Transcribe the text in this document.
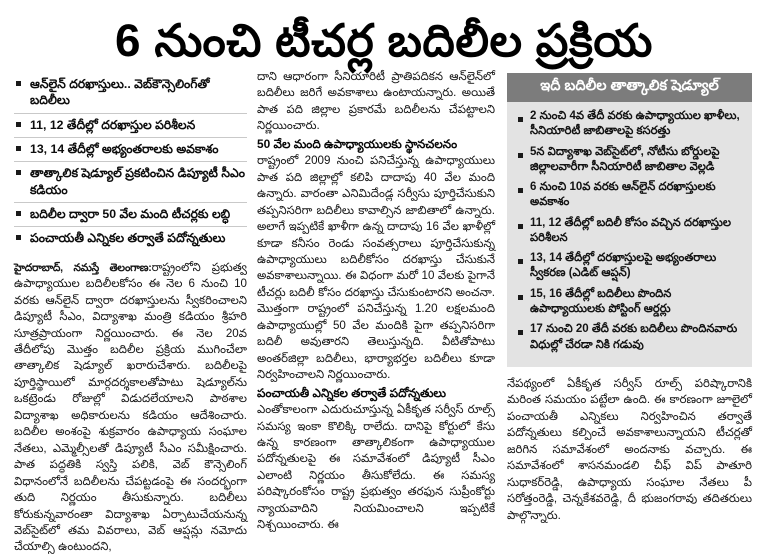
6 నుంచి టీచర్ల బదిలీల ప్రక్రియ
ఆన్‌లైన్ దరఖాస్తులు.. వెబ్‌కౌన్సెలింగ్‌తో బదిలీలు
11, 12 తేదీల్లో దరఖాస్తుల పరిశీలన
13, 14 తేదీల్లో అభ్యంతరాలకు అవకాశం
తాత్కాలిక షెడ్యూల్ ప్రకటించిన డిప్యూటీ సీఎం కడియం
బదిలీల ద్వారా 50 వేల మంది టీచర్లకు లబ్ధి
పంచాయతీ ఎన్నికల తర్వాతే పదోన్నతులు

హైదరాబాద్, నమస్తే తెలంగాణ:రాష్ట్రంలోని ప్రభుత్వ ఉపాధ్యాయుల బదిలీలకోసం ఈ నెల 6 నుంచి 10 వరకు ఆన్‌లైన్ ద్వారా దరఖాస్తులను స్వీకరించాలని డిప్యూటీ సీఎం, విద్యాశాఖ మంత్రి కడియం శ్రీహరి సూత్రప్రాయంగా నిర్ణయించారు. ఈ నెల 20వ తేదీలోపు మొత్తం బదిలీల ప్రక్రియ ముగించేలా తాత్కాలిక షెడ్యూల్ ఖరారుచేశారు. బదిలీలపై పూర్తిస్థాయిలో మార్గదర్శకాలతోపాటు షెడ్యూల్‌ను ఒకట్రెండు రోజుల్లో విడుదలేయాలని పాఠశాల విద్యాశాఖ అధికారులను కడియం ఆదేశించారు. బదిలీల అంశంపై శుక్రవారం ఉపాధ్యాయ సంఘాల నేతలు, ఎమ్మెల్సీలతో డిప్యూటీ సీఎం సమీక్షించారు. పాత పద్ధతికి స్వస్తి పలికి, వెబ్ కౌన్సెలింగ్ విధానంలోనే బదిలీలను చేపట్టడంపై ఈ సందర్భంగా తుది నిర్ణయం తీసుకున్నారు. బదిలీలు కోరుకున్నవారంతా విద్యాశాఖ ఏర్పాటుచేయనున్న వెబ్‌సైట్‌లో తమ వివరాలు, వెబ్ ఆప్షన్లు నమోదు చేయాల్సి ఉంటుందని,

దాని ఆధారంగా సీనియారిటీ ప్రాతిపదికన ఆన్‌లైన్‌లో బదిలీలు జరిగే అవకాశాలు ఉంటాయన్నారు. అయితే పాత పది జిల్లాల ప్రకారమే బదిలీలను చేపట్టాలని నిర్ణయించారు.

50 వేల మంది ఉపాధ్యాయులకు స్థానచలనం

రాష్ట్రంలో 2009 నుంచి పనిచేస్తున్న ఉపాధ్యాయులు పాత పది జిల్లాల్లో కలిపి దాదాపు 40 వేల మంది ఉన్నారు. వారంతా ఎనిమిదేండ్ల సర్వీసు పూర్తిచేసుకుని తప్పనిసరిగా బదిలీలు కావాల్సిన జాబితాలో ఉన్నారు. అలాగే ఇప్పటికే ఖాళీగా ఉన్న దాదాపు 16 వేల ఖాళీల్లో కూడా కనీసం రెండు సంవత్సరాలు పూర్తిచేసుకున్న ఉపాధ్యాయులు బదిలీకోసం దరఖాస్తు చేసుకునే అవకాశాలున్నాయి. ఈ విధంగా మరో 10 వేలకు పైగానే టీచర్లు బదిలీ కోసం దరఖాస్తు చేసుకుంటారని అంచనా. మొత్తంగా రాష్ట్రంలో పనిచేస్తున్న 1.20 లక్షలమంది ఉపాధ్యాయుల్లో 50 వేల మందికి పైగా తప్పనిసరిగా బదిలీ అవుతారని తెలుస్తున్నది. వీటితోపాటు అంతర్‌జిల్లా బదిలీలు, భార్యాభర్తల బదిలీలు కూడా నిర్వహించాలని నిర్ణయించారు.

పంచాయతీ ఎన్నికల తర్వాతే పదోన్నతులు

ఎంతోకాలంగా ఎదురుచూస్తున్న ఏకీకృత సర్వీస్ రూల్స్ సమస్య ఇంకా కొలిక్కి రాలేదు. దానిపై కోర్టులో కేసు ఉన్న కారణంగా తాత్కాలికంగా ఉపాధ్యాయుల పదోన్నతులపై ఈ సమావేశంలో డిప్యూటీ సీఎం ఎలాంటి నిర్ణయం తీసుకోలేదు. ఈ సమస్య పరిష్కారంకోసం రాష్ట్ర ప్రభుత్వం తరఫున సుప్రీంకోర్టు న్యాయవాదిని నియమించాలని ఇప్పటికే నిశ్చయించారు. ఈ

ఇదీ బదిలీల తాత్కాలిక షెడ్యూల్
2 నుంచి 4వ తేదీ వరకు ఉపాధ్యాయుల ఖాళీలు, సీనియారిటీ జాబితాలపై కసరత్తు
5న విద్యాశాఖ వెబ్‌సైట్‌లో, నోటీసు బోర్డులపై జిల్లాలవారీగా సీనియారిటీ జాబితాల వెల్లడి
6 నుంచి 10వ వరకు ఆన్‌లైన్ దరఖాస్తులకు అవకాశం
11, 12 తేదీల్లో బదిలీ కోసం వచ్చిన దరఖాస్తుల పరిశీలన
13, 14 తేదీల్లో దరఖాస్తులపై అభ్యంతరాలు స్వీకరణ (ఎడిట్ ఆప్షన్)
15, 16 తేదీల్లో బదిలీలు పొందిన ఉపాధ్యాయులకు పోస్టింగ్ ఆర్డర్లు
17 నుంచి 20 తేదీ వరకు బదిలీలు పొందినవారు విధుల్లో చేరడా నికి గడువు

నేపథ్యంలో ఏకీకృత సర్వీస్ రూల్స్ పరిష్కారానికి మరింత సమయం పట్టేలా ఉంది. ఈ కారణంగా జూలైలో పంచాయతీ ఎన్నికలు నిర్వహించిన తర్వాతే పదోన్నతులు కల్పించే అవకాశాలున్నాయని టీచర్లతో జరిగిన సమావేశంలో అందనాకు వచ్చారు. ఈ సమావేశంలో శాసనమండలి చీఫ్ విప్ పాతూరి సుధాకర్‌రెడ్డి, ఉపాధ్యాయ సంఘాల నేతలు పీ సరోత్తంరెడ్డి, చెన్నకేశవరెడ్డి, దీ భుజంగరావు తదితరులు పాల్గొన్నారు.
